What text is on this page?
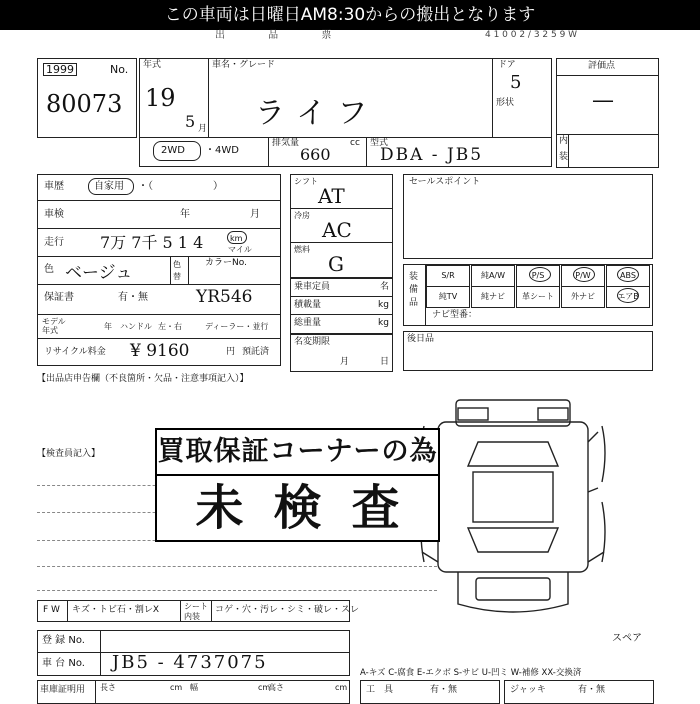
この車両は日曜日AM8:30からの搬出となります
出 品 票	4 1 0 0 2 / 3 2 5 9 W
1999	No.
80073
年式
19
5 月
車名・グレード
ライフ
ドア
5
形状
評価点
—
内
装
2WD ・4WD
排気量
660
cc 型式
DBA - JB5
車歴	自家用 ・（　　　　　　）
車検	年	月
走行 7万 7千 5 1 4	km
マイル
色 ベージュ	色
替
カラーNo.
保証書	有・無	YR546
モデル
年式	年 ハンドル 左・右	ディーラー・並行
リサイクル料金 ¥ 9160	円 預託済
シフト
AT
冷房
AC
燃料
G
乗車定員	名
積載量	kg
総重量	kg
名変期限
月	日
セールスポイント
装備品
S/R	純A/W	P/S	P/W	ABS
純TV	純ナビ	革シート	外ナビ	エアB
ナビ型番：
後日品
【出品店申告欄（不良箇所・欠品・注意事項記入）】
【検査員記入】 買取保証コーナーの為
未検査
スペア
F W キズ・トビ石・割レX	シート
内装
コゲ・穴・汚レ・シミ・破レ・スレ
登 録 No.
車 台 No. JB5 - 4737075	A-キズ C-腐食 E-エクボ S-サビ U-凹ミ W-補修 XX-交換済
車庫証明用 長さ	cm 幅	cm
高さ	cm 工　具	有・無	ジャッキ	有・無
